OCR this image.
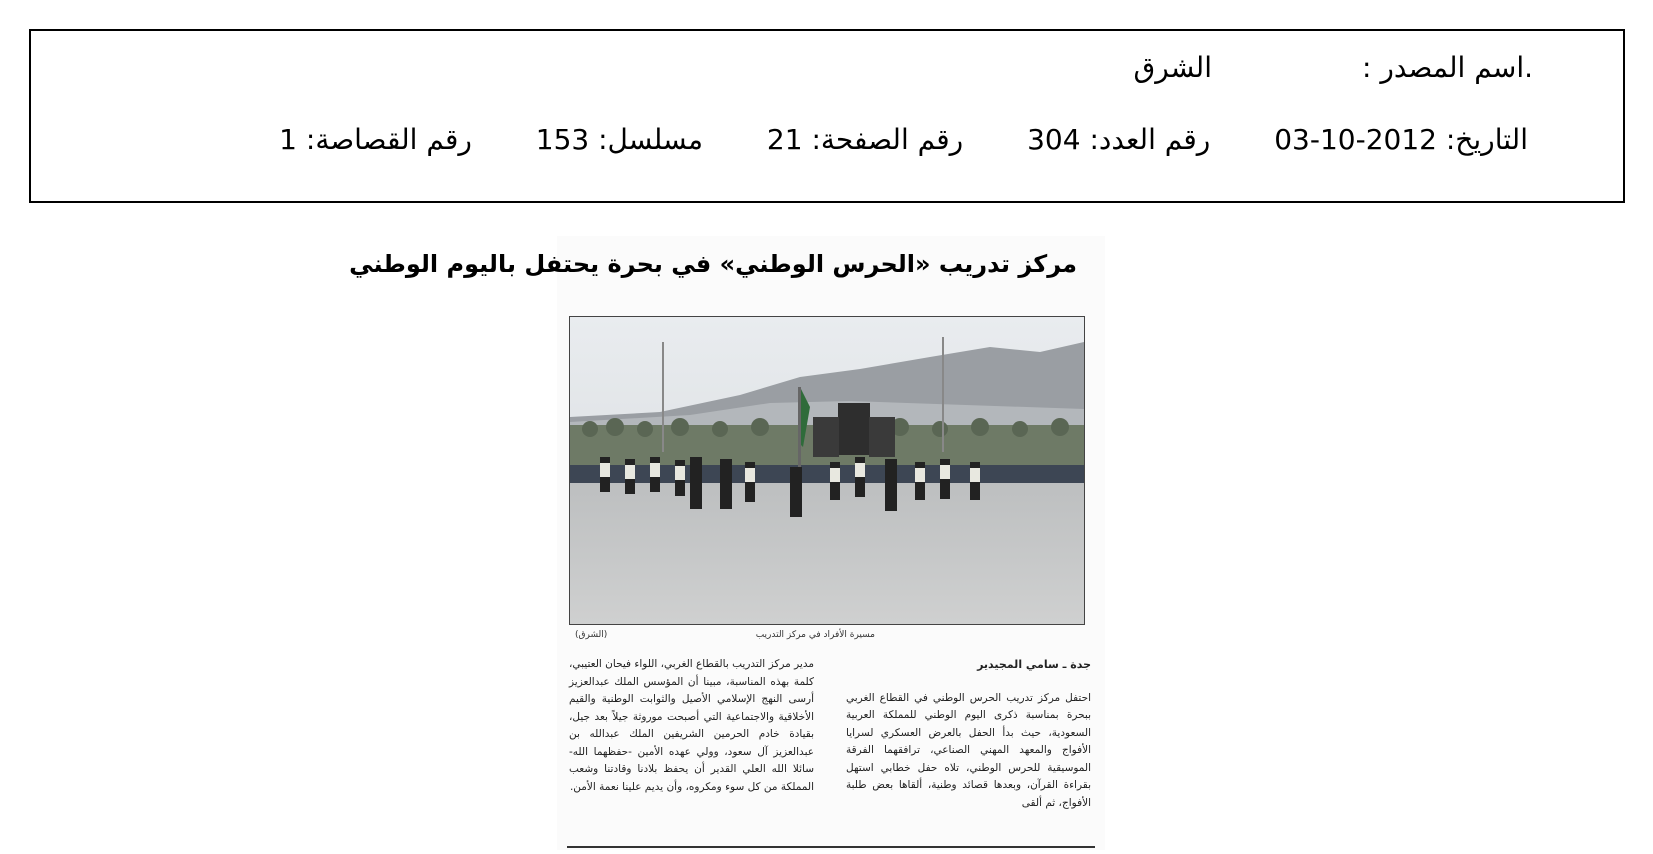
.اسم المصدر :الشرق
التاريخ: 2012-10-03 رقم العدد: 304 رقم الصفحة: 21 مسلسل: 153 رقم القصاصة: 1
مركز تدريب «الحرس الوطني» في بحرة يحتفل باليوم الوطني
مسيرة الأفراد في مركز التدريب
(الشرق)
جدة ـ سامي المجيدير

احتفل مركز تدريب الحرس الوطني في القطاع الغربي ببحرة بمناسبة ذكرى اليوم الوطني للمملكة العربية السعودية، حيث بدأ الحفل بالعرض العسكري لسرايا الأفواج والمعهد المهني الصناعي، ترافقهما الفرقة الموسيقية للحرس الوطني، تلاه حفل خطابي استهل بقراءة القرآن، وبعدها قصائد وطنية، ألقاها بعض طلبة الأفواج، ثم ألقى

مدير مركز التدريب بالقطاع الغربي، اللواء فيحان العتيبي، كلمة بهذه المناسبة، مبينا أن المؤسس الملك عبدالعزيز أرسى النهج الإسلامي الأصيل والثوابت الوطنية والقيم الأخلاقية والاجتماعية التي أصبحت موروثة جيلاً بعد جيل، بقيادة خادم الحرمين الشريفين الملك عبدالله بن عبدالعزيز آل سعود، وولي عهده الأمين -حفظهما الله- سائلا الله العلي القدير أن يحفظ بلادنا وقادتنا وشعب المملكة من كل سوء ومكروه، وأن يديم علينا نعمة الأمن.
